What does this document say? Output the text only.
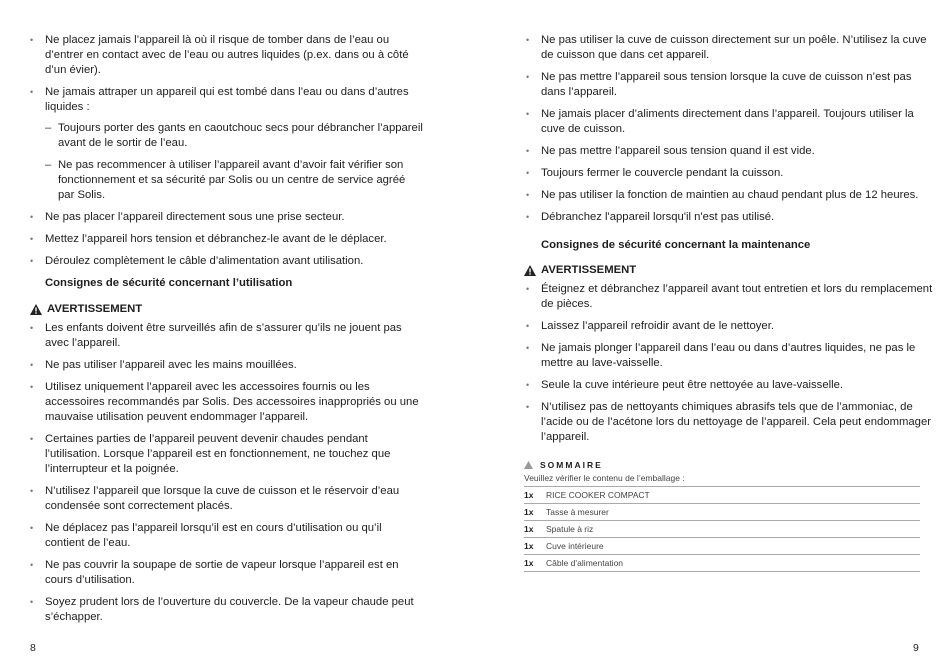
• Ne placez jamais l’appareil là où il risque de tomber dans de l’eau ou d’entrer en contact avec de l’eau ou autres liquides (p.ex. dans ou à côté d’un évier).
• Ne jamais attraper un appareil qui est tombé dans l’eau ou dans d’autres liquides :
– Toujours porter des gants en caoutchouc secs pour débrancher l’appareil avant de le sortir de l’eau.
– Ne pas recommencer à utiliser l’appareil avant d’avoir fait vérifier son fonctionnement et sa sécurité par Solis ou un centre de service agréé par Solis.
• Ne pas placer l’appareil directement sous une prise secteur.
• Mettez l’appareil hors tension et débranchez-le avant de le déplacer.
• Déroulez complètement le câble d’alimentation avant utilisation.
Consignes de sécurité concernant l’utilisation
AVERTISSEMENT
• Les enfants doivent être surveillés afin de s’assurer qu’ils ne jouent pas avec l’appareil.
• Ne pas utiliser l’appareil avec les mains mouillées.
• Utilisez uniquement l’appareil avec les accessoires fournis ou les accessoires recommandés par Solis. Des accessoires inappropriés ou une mauvaise utilisation peuvent endommager l’appareil.
• Certaines parties de l’appareil peuvent devenir chaudes pendant l’utilisation. Lorsque l’appareil est en fonctionnement, ne touchez que l’interrupteur et la poignée.
• N’utilisez l’appareil que lorsque la cuve de cuisson et le réservoir d’eau condensée sont correctement placés.
• Ne déplacez pas l’appareil lorsqu’il est en cours d’utilisation ou qu’il contient de l’eau.
• Ne pas couvrir la soupape de sortie de vapeur lorsque l’appareil est en cours d’utilisation.
• Soyez prudent lors de l’ouverture du couvercle. De la vapeur chaude peut s’échapper.
8
• Ne pas utiliser la cuve de cuisson directement sur un poêle. N’utilisez la cuve de cuisson que dans cet appareil.
• Ne pas mettre l’appareil sous tension lorsque la cuve de cuisson n’est pas dans l’appareil.
• Ne jamais placer d’aliments directement dans l’appareil. Toujours utiliser la cuve de cuisson.
• Ne pas mettre l’appareil sous tension quand il est vide.
• Toujours fermer le couvercle pendant la cuisson.
• Ne pas utiliser la fonction de maintien au chaud pendant plus de 12 heures.
• Débranchez l'appareil lorsqu'il n'est pas utilisé.
Consignes de sécurité concernant la maintenance
AVERTISSEMENT
• Éteignez et débranchez l’appareil avant tout entretien et lors du remplacement de pièces.
• Laissez l’appareil refroidir avant de le nettoyer.
• Ne jamais plonger l’appareil dans l’eau ou dans d’autres liquides, ne pas le mettre au lave-vaisselle.
• Seule la cuve intérieure peut être nettoyée au lave-vaisselle.
• N’utilisez pas de nettoyants chimiques abrasifs tels que de l’ammoniac, de l’acide ou de l’acétone lors du nettoyage de l’appareil. Cela peut endommager l’appareil.
9
SOMMAIRE
Veuillez vérifier le contenu de l’emballage :
1x	RICE COOKER COMPACT
1x	Tasse à mesurer
1x	Spatule à riz
1x	Cuve intérieure
1x	Câble d’alimentation
